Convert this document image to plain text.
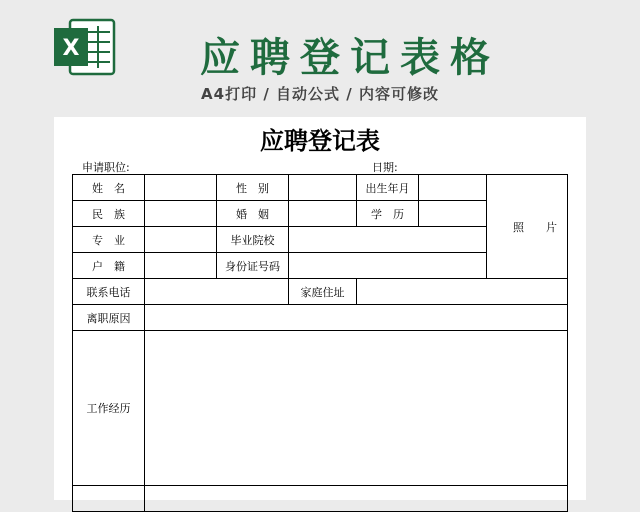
X	应聘登记表格
A4打印 / 自动公式 / 内容可修改
应聘登记表
申请职位:	日期:
姓　名		性　别		出生年月		照片
民　族		婚　姻		学　历		
专　业		毕业院校				
户　籍		身份证号码				
联系电话			家庭住址			
离职原因						
工作经历						
